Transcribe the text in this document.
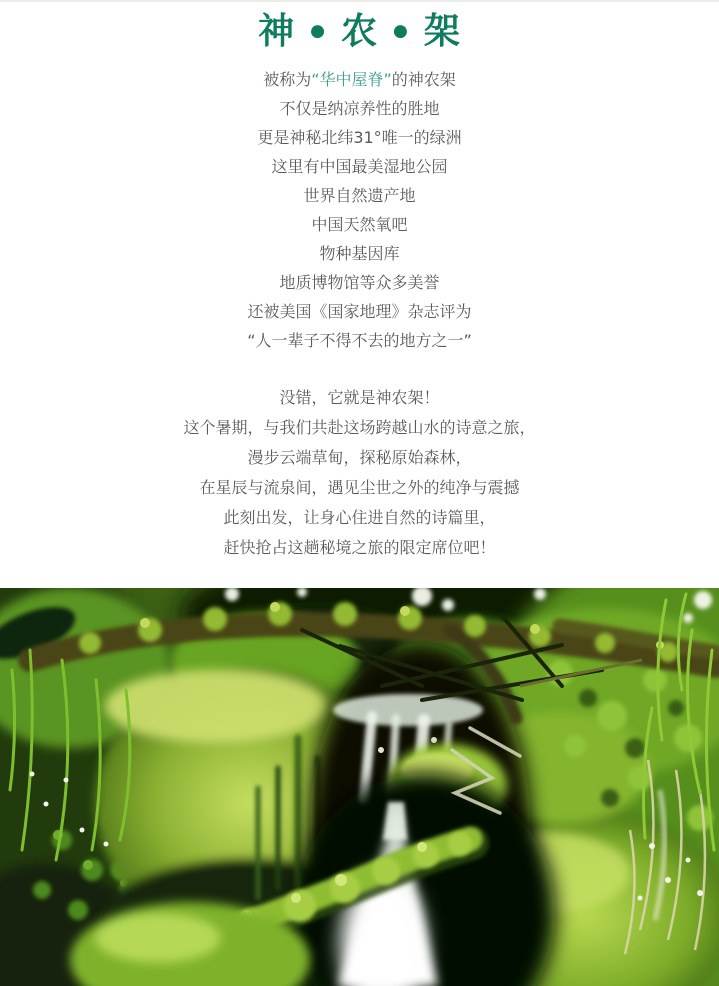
神 ● 农 ● 架

被称为“华中屋脊”的神农架

不仅是纳凉养性的胜地

更是神秘北纬31°唯一的绿洲

这里有中国最美湿地公园

世界自然遗产地

中国天然氧吧

物种基因库

地质博物馆等众多美誉

还被美国《国家地理》杂志评为

“人一辈子不得不去的地方之一”

没错，它就是神农架！

这个暑期，与我们共赴这场跨越山水的诗意之旅，

漫步云端草甸，探秘原始森林，

在星辰与流泉间，遇见尘世之外的纯净与震撼

此刻出发，让身心住进自然的诗篇里，

赶快抢占这趟秘境之旅的限定席位吧！
